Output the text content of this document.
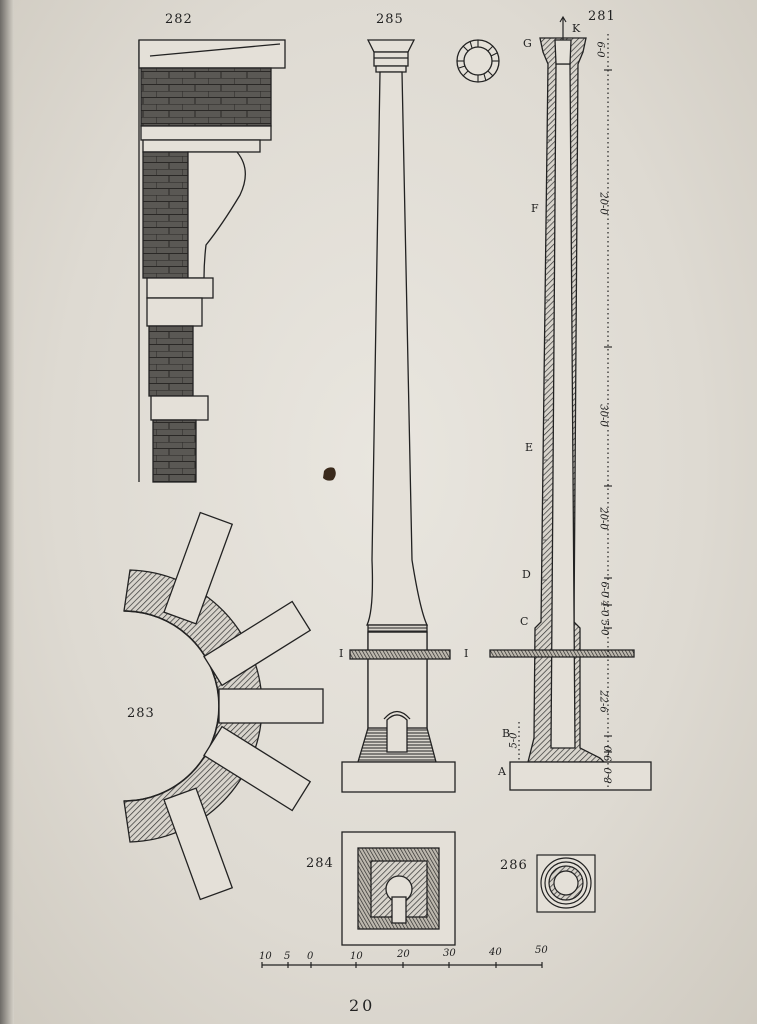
282	285	281
283
284	286
I	I
G
K
F
E
D
C
B
A
6-0
20-0
30-0
20-0
6-0
4-0
5-0
22-6
5-0
9-0
8-0
10 5 0	10	20	30	40	50
20
